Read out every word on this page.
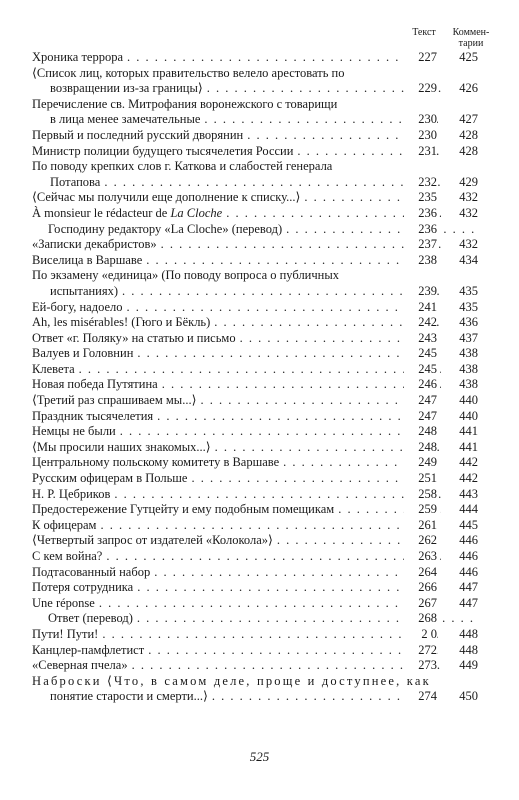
Текст	Коммен-
тарии
Хроника террора . . .	227	425
⟨Список лиц, которых правительство велело арестовать по
возвращении из-за границы⟩ . . .	229	426
Перечисление св. Митрофания воронежского с товарищи
в лица менее замечательные . . .	230	427
Первый и последний русский дворянин . . .	230	428
Министр полиции будущего тысячелетия России . . .	231	428
По поводу крепких слов г. Каткова и слабостей генерала
Потапова . . .	232	429
⟨Сейчас мы получили еще дополнение к списку...⟩ . . .	235	432
À monsieur le rédacteur de La Cloche . . .	236	432
Господину редактору «La Cloche» (перевод) . . .	236
«Записки декабристов» . . .	237	432
Виселица в Варшаве . . .	238	434
По экзамену «единица» (По поводу вопроса о публичных
испытаниях) . . .	239	435
Ей-богу, надоело . . .	241	435
Ah, les misérables! (Гюго и Бёкль) . . .	242	436
Ответ «г. Поляку» на статью и письмо . . .	243	437
Валуев и Головнин . . .	245	438
Клевета . . .	245	438
Новая победа Путятина . . .	246	438
⟨Третий раз спрашиваем мы...⟩ . . .	247	440
Праздник тысячелетия . . .	247	440
Немцы не были . . .	248	441
⟨Мы просили наших знакомых...⟩ . . .	248	441
Центральному польскому комитету в Варшаве . . .	249	442
Русским офицерам в Польше . . .	251	442
Н. Р. Цебриков . . .	258	443
Предостережение Гутцейту и ему подобным помещикам . . .	259	444
К офицерам . . .	261	445
⟨Четвертый запрос от издателей «Колокола»⟩ . . .	262	446
С кем война? . . .	263	446
Подтасованный набор . . .	264	446
Потеря сотрудника . . .	266	447
Une réponse . . .	267	447
Ответ (перевод) . . .	268
Пути! Пути! . . .	2 0	448
Канцлер-памфлетист . . .	272	448
«Северная пчела» . . .	273	449
Наброски ⟨Что, в самом деле, проще и доступнее, как
понятие старости и смерти...⟩ . . .	274	450
525
